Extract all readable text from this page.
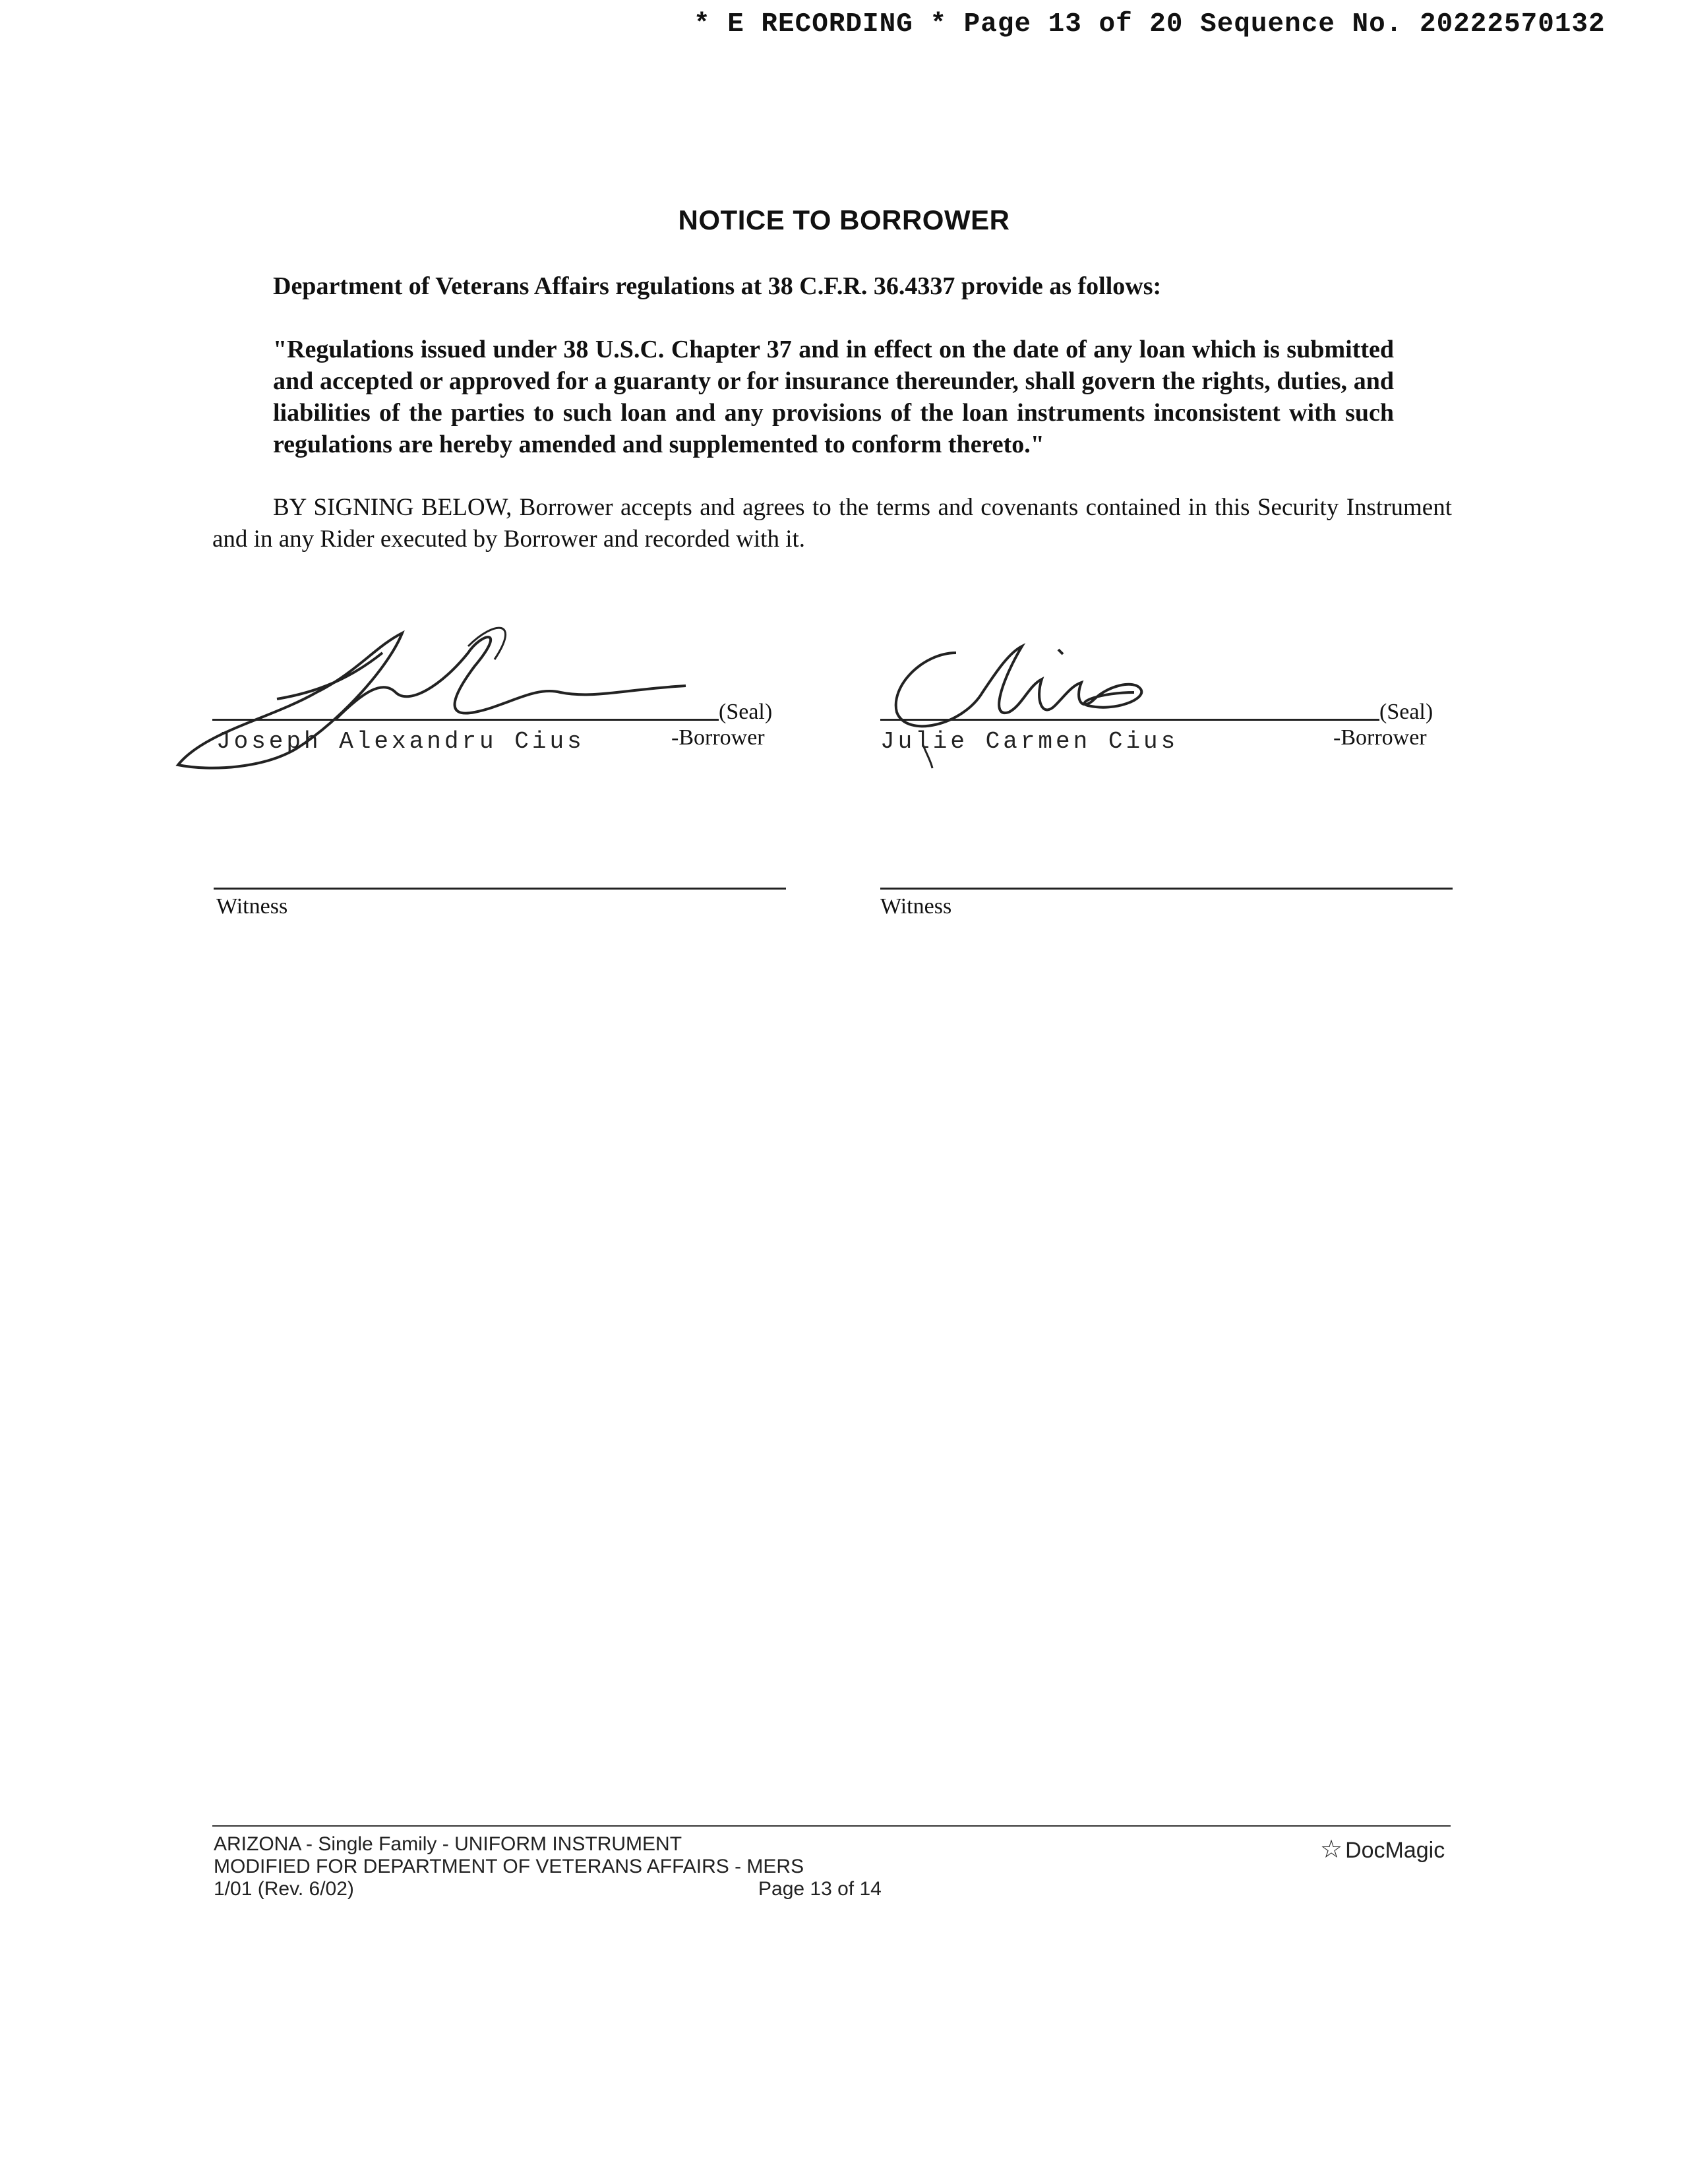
* E RECORDING * Page 13 of 20 Sequence No. 20222570132
NOTICE TO BORROWER
Department of Veterans Affairs regulations at 38 C.F.R. 36.4337 provide as follows:
"Regulations issued under 38 U.S.C. Chapter 37 and in effect on the date of any loan which is submitted and accepted or approved for a guaranty or for insurance thereunder, shall govern the rights, duties, and liabilities of the parties to such loan and any provisions of the loan instruments inconsistent with such regulations are hereby amended and supplemented to conform thereto."
BY SIGNING BELOW, Borrower accepts and agrees to the terms and covenants contained in this Security Instrument and in any Rider executed by Borrower and recorded with it.
(Seal)
Joseph Alexandru Cius	-Borrower
(Seal)
Julie Carmen Cius	-Borrower
Witness	Witness
ARIZONA - Single Family - UNIFORM INSTRUMENT
MODIFIED FOR DEPARTMENT OF VETERANS AFFAIRS - MERS
1/01 (Rev. 6/02)	Page 13 of 14
☆ DocMagic
